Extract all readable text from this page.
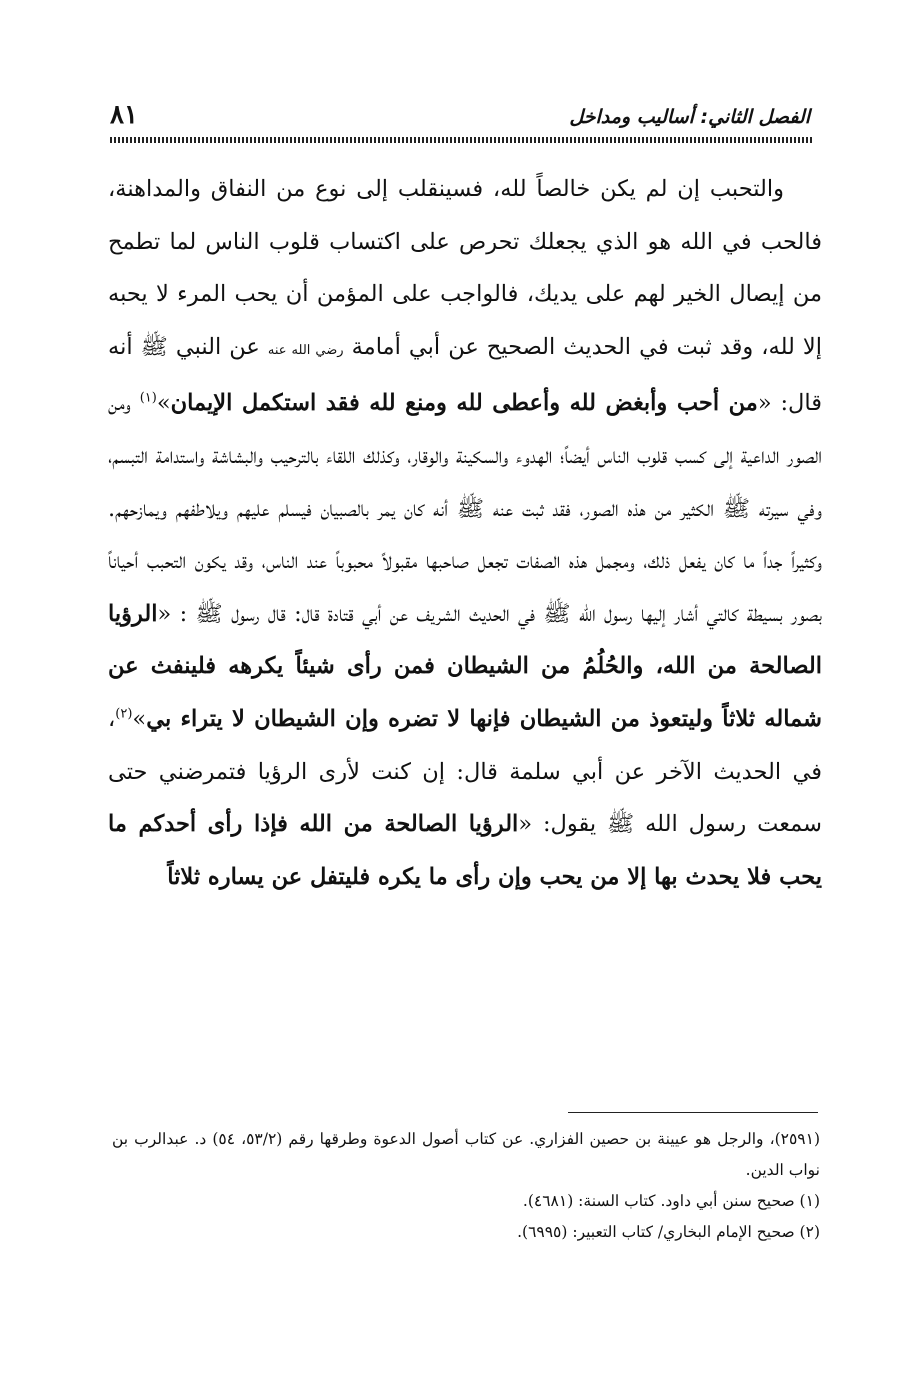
الفصل الثاني: أساليب ومداخل
٨١

والتحبب إن لم يكن خالصاً لله، فسينقلب إلى نوع من النفاق والمداهنة، فالحب في الله هو الذي يجعلك تحرص على اكتساب قلوب الناس لما تطمح من إيصال الخير لهم على يديك، فالواجب على المؤمن أن يحب المرء لا يحبه إلا لله، وقد ثبت في الحديث الصحيح عن أبي أمامة رضي الله عنه عن النبي ﷺ أنه قال: «من أحب وأبغض لله وأعطى لله ومنع لله فقد استكمل الإيمان»$^{(١)}$ ومن الصور الداعية إلى كسب قلوب الناس أيضاً؛ الهدوء والسكينة والوقار، وكذلك اللقاء بالترحيب والبشاشة واستدامة التبسم، وفي سيرته ﷺ الكثير من هذه الصور، فقد ثبت عنه ﷺ أنه كان يمر بالصبيان فيسلم عليهم ويلاطفهم ويمازحهم. وكثيراً جداً ما كان يفعل ذلك، ومجمل هذه الصفات تجعل صاحبها مقبولاً محبوباً عند الناس، وقد يكون التحبب أحياناً بصور بسيطة كالتي أشار إليها رسول الله ﷺ في الحديث الشريف عن أبي قتادة قال: قال رسول ﷺ : «الرؤيا الصالحة من الله، والحُلُمُ من الشيطان فمن رأى شيئاً يكرهه فلينفث عن شماله ثلاثاً وليتعوذ من الشيطان فإنها لا تضره وإن الشيطان لا يتراء بي»$^{(٢)}$، في الحديث الآخر عن أبي سلمة قال: إن كنت لأرى الرؤيا فتمرضني حتى سمعت رسول الله ﷺ يقول: «الرؤيا الصالحة من الله فإذا رأى أحدكم ما يحب فلا يحدث بها إلا من يحب وإن رأى ما يكره فليتفل عن يساره ثلاثاً

(٢٥٩١)، والرجل هو عيينة بن حصين الفزاري. عن كتاب أصول الدعوة وطرقها رقم (٥٣/٢، ٥٤) د. عبدالرب بن نواب الدين.

(١) صحيح سنن أبي داود. كتاب السنة: (٤٦٨١).

(٢) صحيح الإمام البخاري/ كتاب التعبير: (٦٩٩٥).
